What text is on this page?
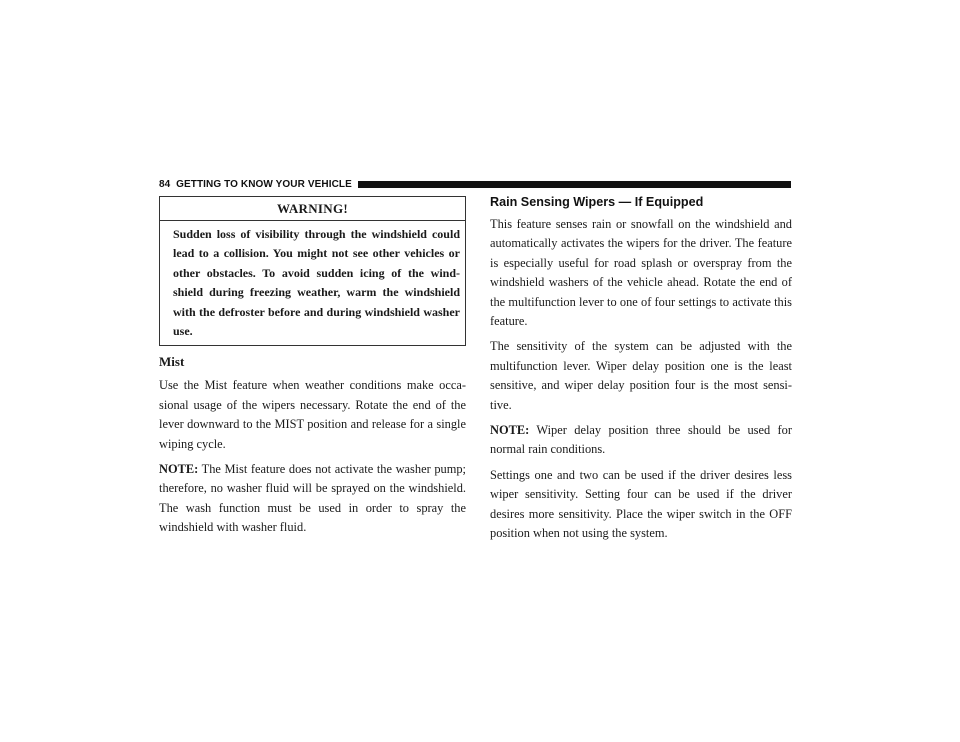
84 GETTING TO KNOW YOUR VEHICLE
WARNING!
Sudden loss of visibility through the windshield could lead to a collision. You might not see other vehicles or other obstacles. To avoid sudden icing of the wind-shield during freezing weather, warm the windshield with the defroster before and during windshield washer use.
Mist

Use the Mist feature when weather conditions make occa-sional usage of the wipers necessary. Rotate the end of the lever downward to the MIST position and release for a single wiping cycle.

NOTE: The Mist feature does not activate the washer pump; therefore, no washer fluid will be sprayed on the windshield. The wash function must be used in order to spray the windshield with washer fluid.

Rain Sensing Wipers — If Equipped

This feature senses rain or snowfall on the windshield and automatically activates the wipers for the driver. The feature is especially useful for road splash or overspray from the windshield washers of the vehicle ahead. Rotate the end of the multifunction lever to one of four settings to activate this feature.

The sensitivity of the system can be adjusted with the multifunction lever. Wiper delay position one is the least sensitive, and wiper delay position four is the most sensi-tive.

NOTE: Wiper delay position three should be used for normal rain conditions.

Settings one and two can be used if the driver desires less wiper sensitivity. Setting four can be used if the driver desires more sensitivity. Place the wiper switch in the OFF position when not using the system.
